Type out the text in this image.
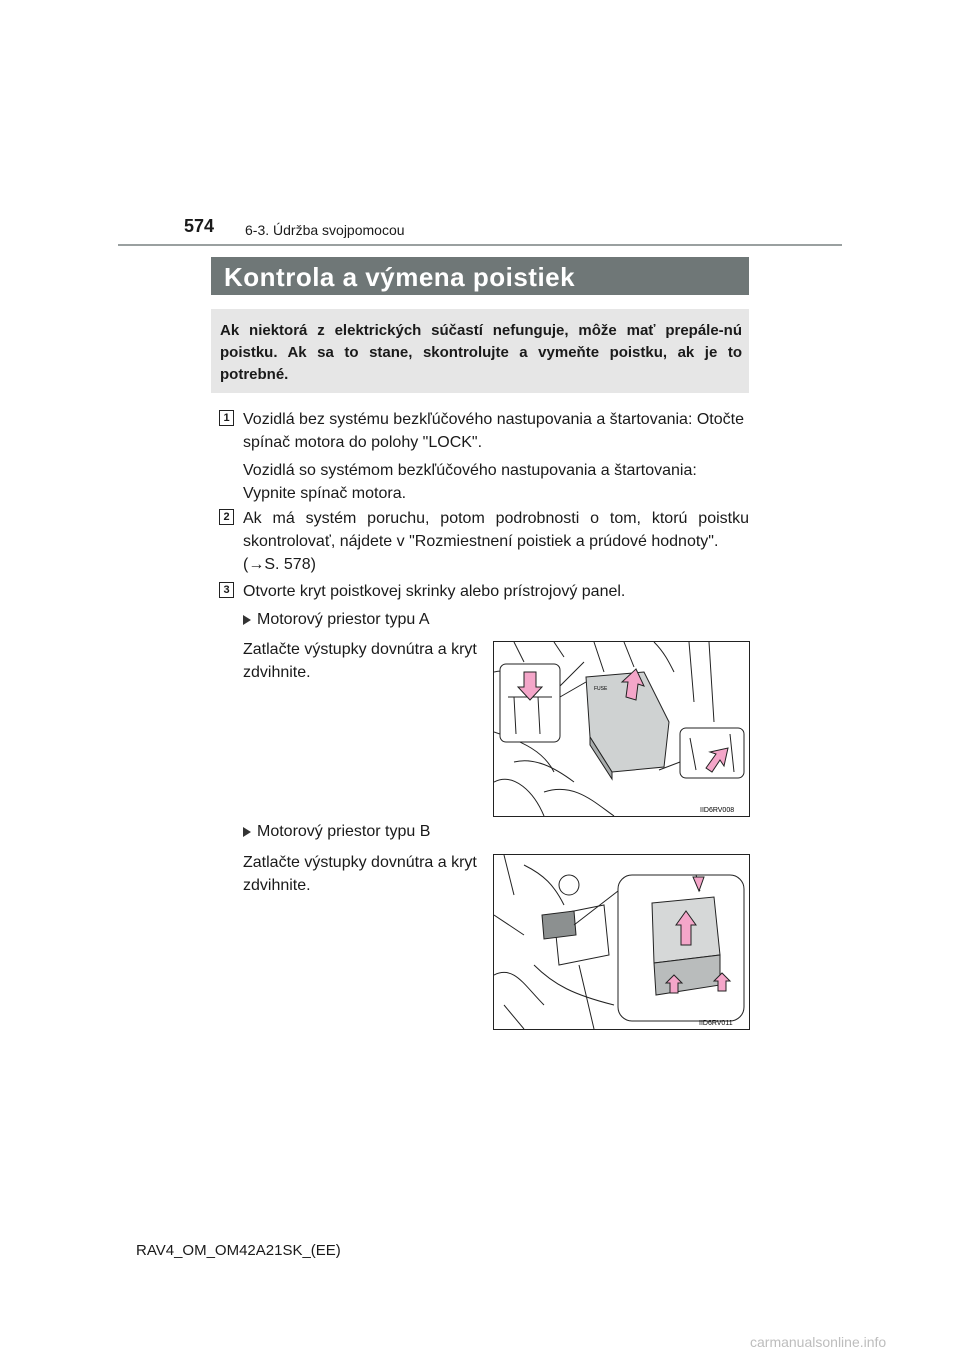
574 6-3. Údržba svojpomocou
Kontrola a výmena poistiek
Ak niektorá z elektrických súčastí nefunguje, môže mať prepále-nú poistku. Ak sa to stane, skontrolujte a vymeňte poistku, ak je to potrebné.
1 Vozidlá bez systému bezkľúčového nastupovania a štartovania: Otočte spínač motora do polohy "LOCK".
Vozidlá so systémom bezkľúčového nastupovania a štartovania: Vypnite spínač motora.
2 Ak má systém poruchu, potom podrobnosti o tom, ktorú poistku skontrolovať, nájdete v "Rozmiestnení poistiek a prúdové hodnoty".
(→S. 578)
3 Otvorte kryt poistkovej skrinky alebo prístrojový panel.
Motorový priestor typu A
Zatlačte výstupky dovnútra a kryt zdvihnite.
FUSE
IID6RV008
Motorový priestor typu B
Zatlačte výstupky dovnútra a kryt zdvihnite.
IID6RV011
RAV4_OM_OM42A21SK_(EE)
carmanualsonline.info
